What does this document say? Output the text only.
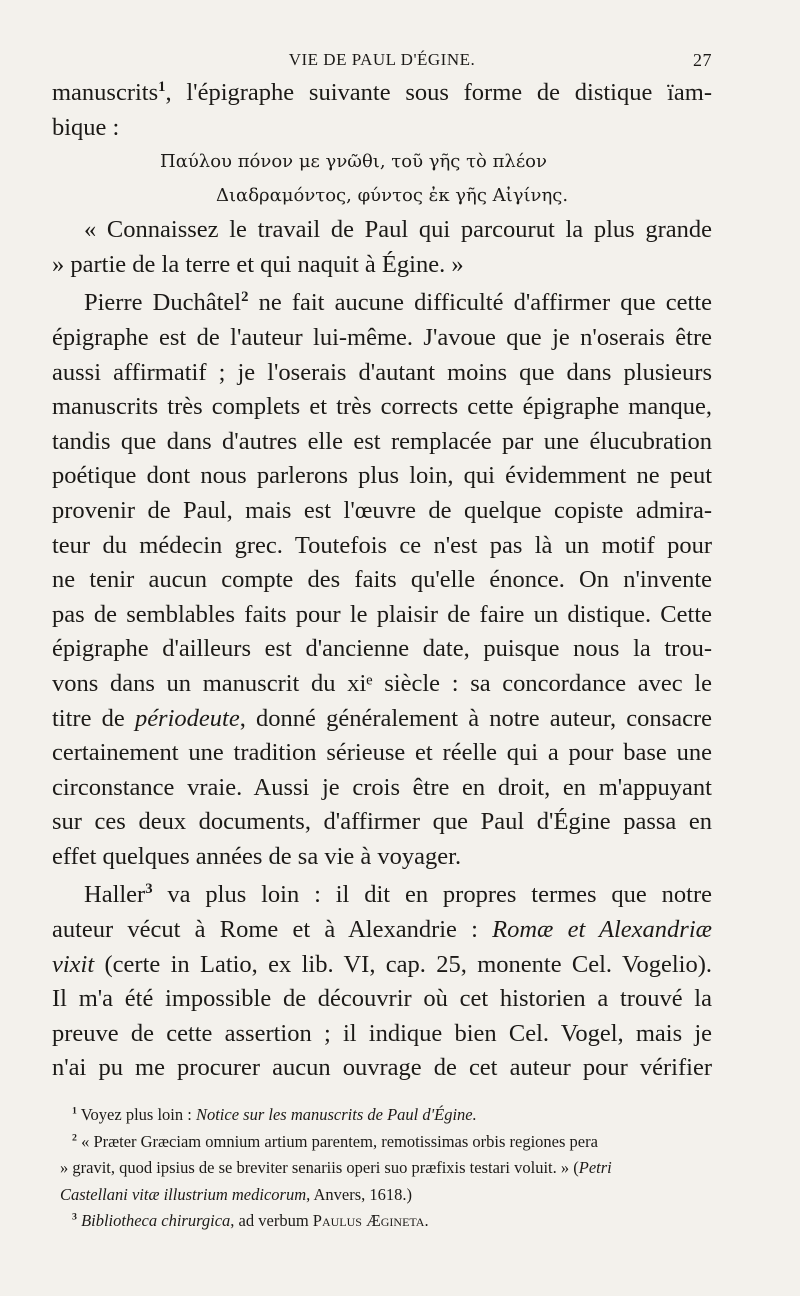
VIE DE PAUL D'ÉGINE.	27

manuscrits$^1$, l'épigraphe suivante sous forme de distique ïam-
bique :

Παύλου πόνον με γνῶθι, τοῦ γῆς τὸ πλέον
Διαδραμόντος, φύντος ἐκ γῆς Αἰγίνης.

« Connaissez le travail de Paul qui parcourut la plus grande
» partie de la terre et qui naquit à Égine. »

Pierre Duchâtel$^2$ ne fait aucune difficulté d'affirmer que cette
épigraphe est de l'auteur lui-même. J'avoue que je n'oserais être
aussi affirmatif ; je l'oserais d'autant moins que dans plusieurs
manuscrits très complets et très corrects cette épigraphe manque,
tandis que dans d'autres elle est remplacée par une élucubration
poétique dont nous parlerons plus loin, qui évidemment ne peut
provenir de Paul, mais est l'œuvre de quelque copiste admira-
teur du médecin grec. Toutefois ce n'est pas là un motif pour
ne tenir aucun compte des faits qu'elle énonce. On n'invente
pas de semblables faits pour le plaisir de faire un distique. Cette
épigraphe d'ailleurs est d'ancienne date, puisque nous la trou-
vons dans un manuscrit du xiᵉ siècle : sa concordance avec le
titre de périodeute, donné généralement à notre auteur, consacre
certainement une tradition sérieuse et réelle qui a pour base une
circonstance vraie. Aussi je crois être en droit, en m'appuyant
sur ces deux documents, d'affirmer que Paul d'Égine passa en
effet quelques années de sa vie à voyager.

Haller$^3$ va plus loin : il dit en propres termes que notre
auteur vécut à Rome et à Alexandrie : Romæ et Alexandriæ
vixit (certe in Latio, ex lib. VI, cap. 25, monente Cel. Vogelio).
Il m'a été impossible de découvrir où cet historien a trouvé la
preuve de cette assertion ; il indique bien Cel. Vogel, mais je
n'ai pu me procurer aucun ouvrage de cet auteur pour vérifier

$^1$ Voyez plus loin : Notice sur les manuscrits de Paul d'Égine.
$^2$ « Præter Græciam omnium artium parentem, remotissimas orbis regiones pera
» gravit, quod ipsius de se breviter senariis operi suo præfixis testari voluit. » (Petri
Castellani vitæ illustrium medicorum, Anvers, 1618.)
$^3$ Bibliotheca chirurgica, ad verbum Paulus Ægineta.
